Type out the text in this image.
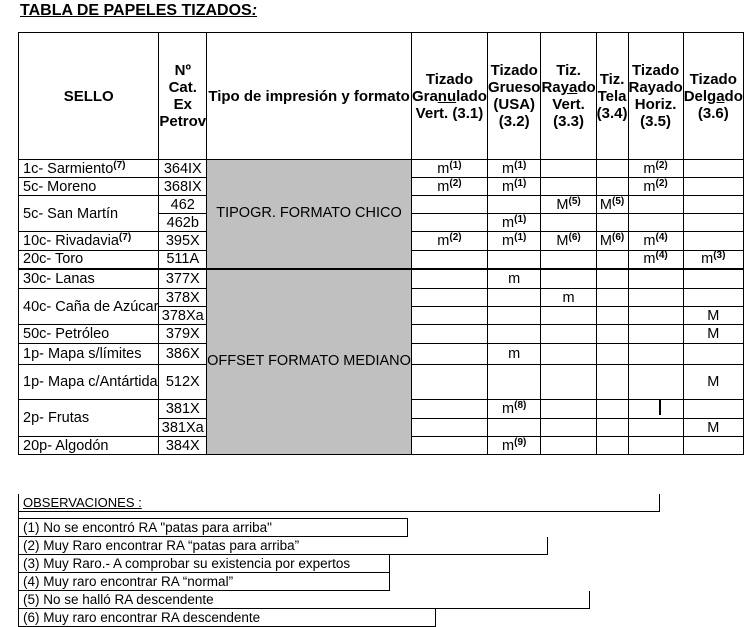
TABLA DE PAPELES TIZADOS:
SELLO	Nº Cat. Ex Petrov	Tipo de impresión y formato	Tizado Granulado Vert. (3.1)	Tizado Grueso (USA) (3.2)	Tiz. Rayado Vert. (3.3)	Tiz. Tela (3.4)	Tizado Rayado Horiz. (3.5)	Tizado Delgado (3.6)
1c- Sarmiento$^{(7)}$	364IX	TIPOGR. FORMATO CHICO	$m^{(1)}$	$m^{(1)}$			$m^{(2)}$	
5c- Moreno	368IX		$m^{(2)}$	$m^{(1)}$			$m^{(2)}$	
5c- San Martín	462				$M^{(5)}$	$M^{(5)}$		
	462b			$m^{(1)}$				
10c- Rivadavia$^{(7)}$	395X		$m^{(2)}$	$m^{(1)}$	$M^{(6)}$	$M^{(6)}$	$m^{(4)}$	
20c- Toro	511A						$m^{(4)}$	$m^{(3)}$
30c- Lanas	377X	OFFSET FORMATO MEDIANO		m				
40c- Caña de Azúcar	378X				m			
	378Xa							M
50c- Petróleo	379X							M
1p- Mapa s/límites	386X			m				
1p- Mapa c/Antártida	512X							M
2p- Frutas	381X			$m^{(8)}$				
	381Xa							M
20p- Algodón	384X			$m^{(9)}$				
OBSERVACIONES :
(1) No se encontró RA "patas para arriba"
(2) Muy Raro encontrar RA “patas para arriba”
(3) Muy Raro.- A comprobar su existencia por expertos
(4) Muy raro encontrar RA “normal”
(5) No se halló RA descendente
(6) Muy raro encontrar RA descendente
